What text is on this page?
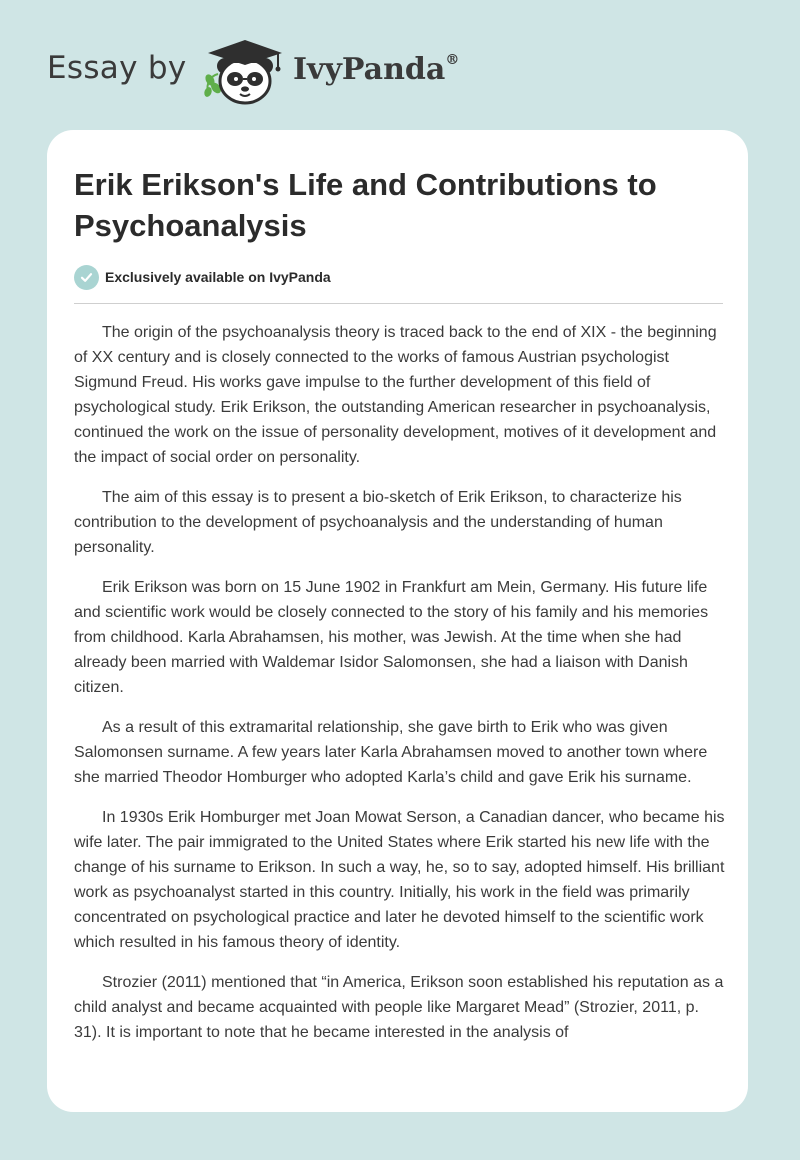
Essay by	IvyPanda®
Erik Erikson's Life and Contributions to Psychoanalysis
Exclusively available on IvyPanda

The origin of the psychoanalysis theory is traced back to the end of XIX - the beginning of XX century and is closely connected to the works of famous Austrian psychologist Sigmund Freud. His works gave impulse to the further development of this field of psychological study. Erik Erikson, the outstanding American researcher in psychoanalysis, continued the work on the issue of personality development, motives of it development and the impact of social order on personality.

The aim of this essay is to present a bio-sketch of Erik Erikson, to characterize his contribution to the development of psychoanalysis and the understanding of human personality.

Erik Erikson was born on 15 June 1902 in Frankfurt am Mein, Germany. His future life and scientific work would be closely connected to the story of his family and his memories from childhood. Karla Abrahamsen, his mother, was Jewish. At the time when she had already been married with Waldemar Isidor Salomonsen, she had a liaison with Danish citizen.

As a result of this extramarital relationship, she gave birth to Erik who was given Salomonsen surname. A few years later Karla Abrahamsen moved to another town where she married Theodor Homburger who adopted Karla’s child and gave Erik his surname.

In 1930s Erik Homburger met Joan Mowat Serson, a Canadian dancer, who became his wife later. The pair immigrated to the United States where Erik started his new life with the change of his surname to Erikson. In such a way, he, so to say, adopted himself. His brilliant work as psychoanalyst started in this country. Initially, his work in the field was primarily concentrated on psychological practice and later he devoted himself to the scientific work which resulted in his famous theory of identity.

Strozier (2011) mentioned that “in America, Erikson soon established his reputation as a child analyst and became acquainted with people like Margaret Mead” (Strozier, 2011, p. 31). It is important to note that he became interested in the analysis of
